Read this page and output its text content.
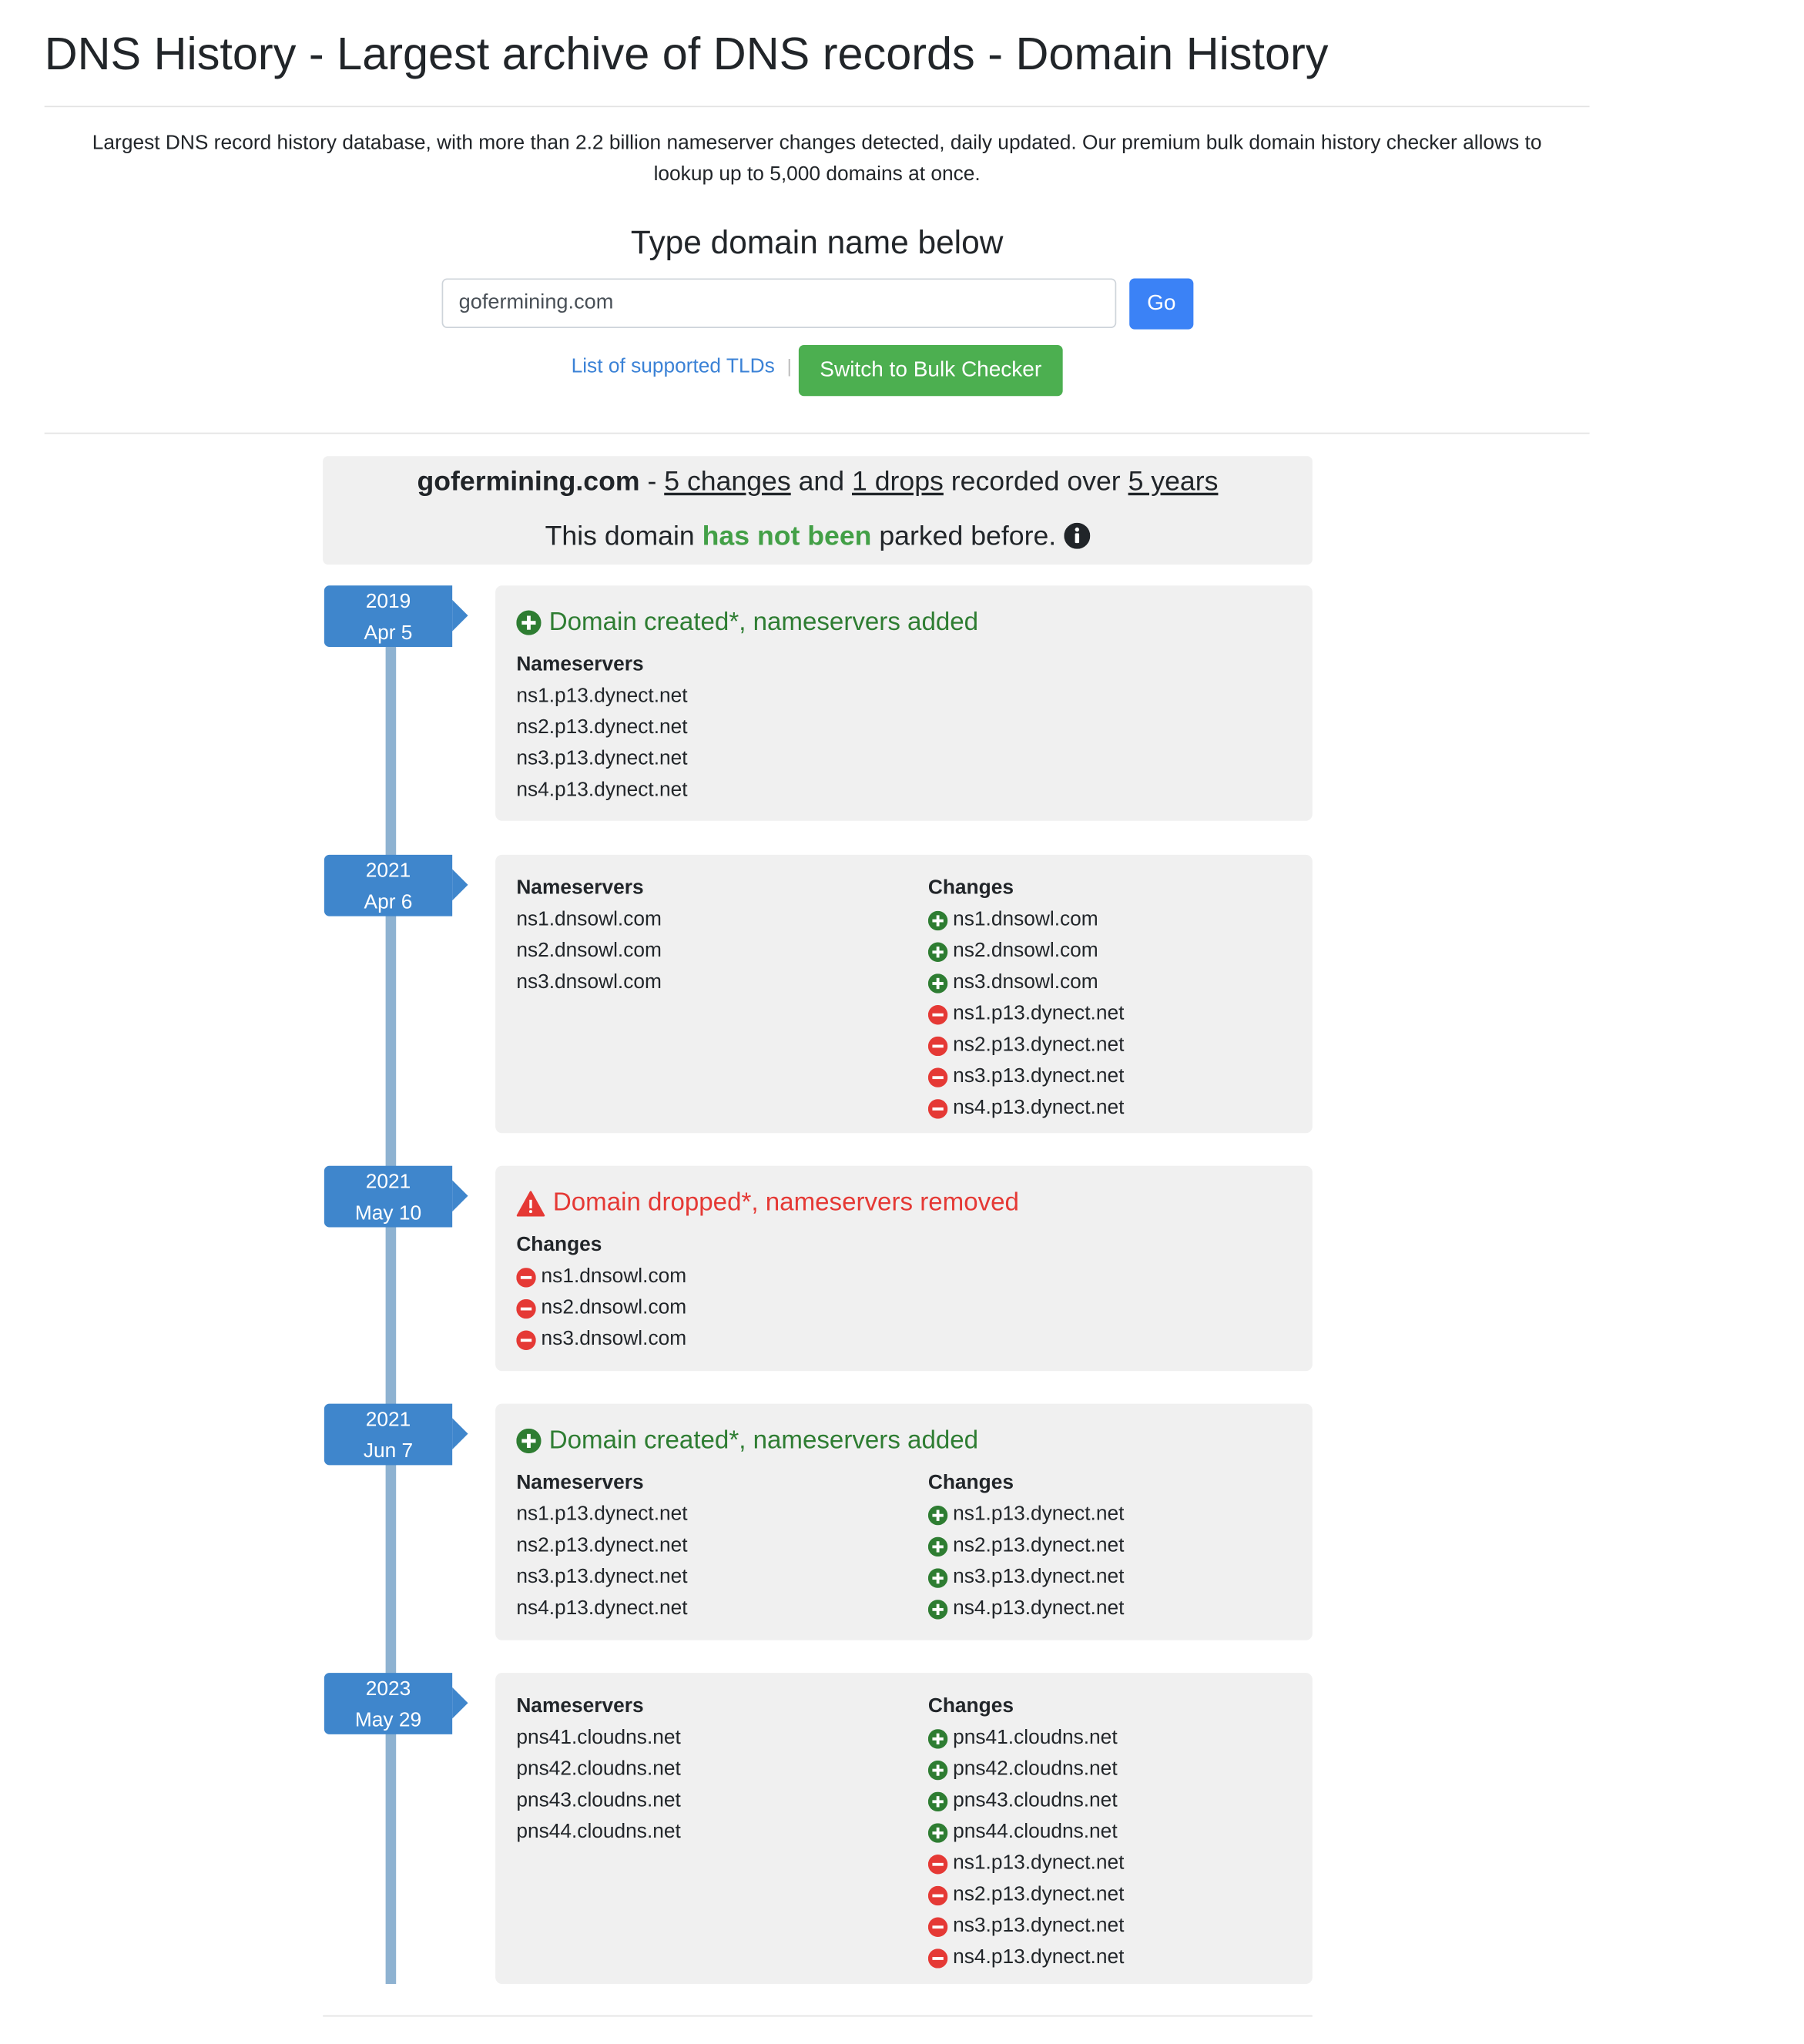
DNS History - Largest archive of DNS records - Domain History
Largest DNS record history database, with more than 2.2 billion nameserver changes detected, daily updated. Our premium bulk domain history checker allows to
lookup up to 5,000 domains at once.
Type domain name below
gofermining.com
Go
List of supported TLDs |	Switch to Bulk Checker
gofermining.com - 5 changes and 1 drops recorded over 5 years
This domain has not been parked before.
2019
Apr 5	Domain created*, nameservers added
Nameservers
ns1.p13.dynect.net
ns2.p13.dynect.net
ns3.p13.dynect.net
ns4.p13.dynect.net
2021
Apr 6
Nameservers
ns1.dnsowl.com
ns2.dnsowl.com
ns3.dnsowl.com
Changes
ns1.dnsowl.com
ns2.dnsowl.com
ns3.dnsowl.com
ns1.p13.dynect.net
ns2.p13.dynect.net
ns3.p13.dynect.net
ns4.p13.dynect.net
2021
May 10	Domain dropped*, nameservers removed
Changes
ns1.dnsowl.com
ns2.dnsowl.com
ns3.dnsowl.com
2021
Jun 7	Domain created*, nameservers added
Nameservers
ns1.p13.dynect.net
ns2.p13.dynect.net
ns3.p13.dynect.net
ns4.p13.dynect.net
Changes
ns1.p13.dynect.net
ns2.p13.dynect.net
ns3.p13.dynect.net
ns4.p13.dynect.net
2023
May 29
Nameservers
pns41.cloudns.net
pns42.cloudns.net
pns43.cloudns.net
pns44.cloudns.net
Changes
pns41.cloudns.net
pns42.cloudns.net
pns43.cloudns.net
pns44.cloudns.net
ns1.p13.dynect.net
ns2.p13.dynect.net
ns3.p13.dynect.net
ns4.p13.dynect.net
